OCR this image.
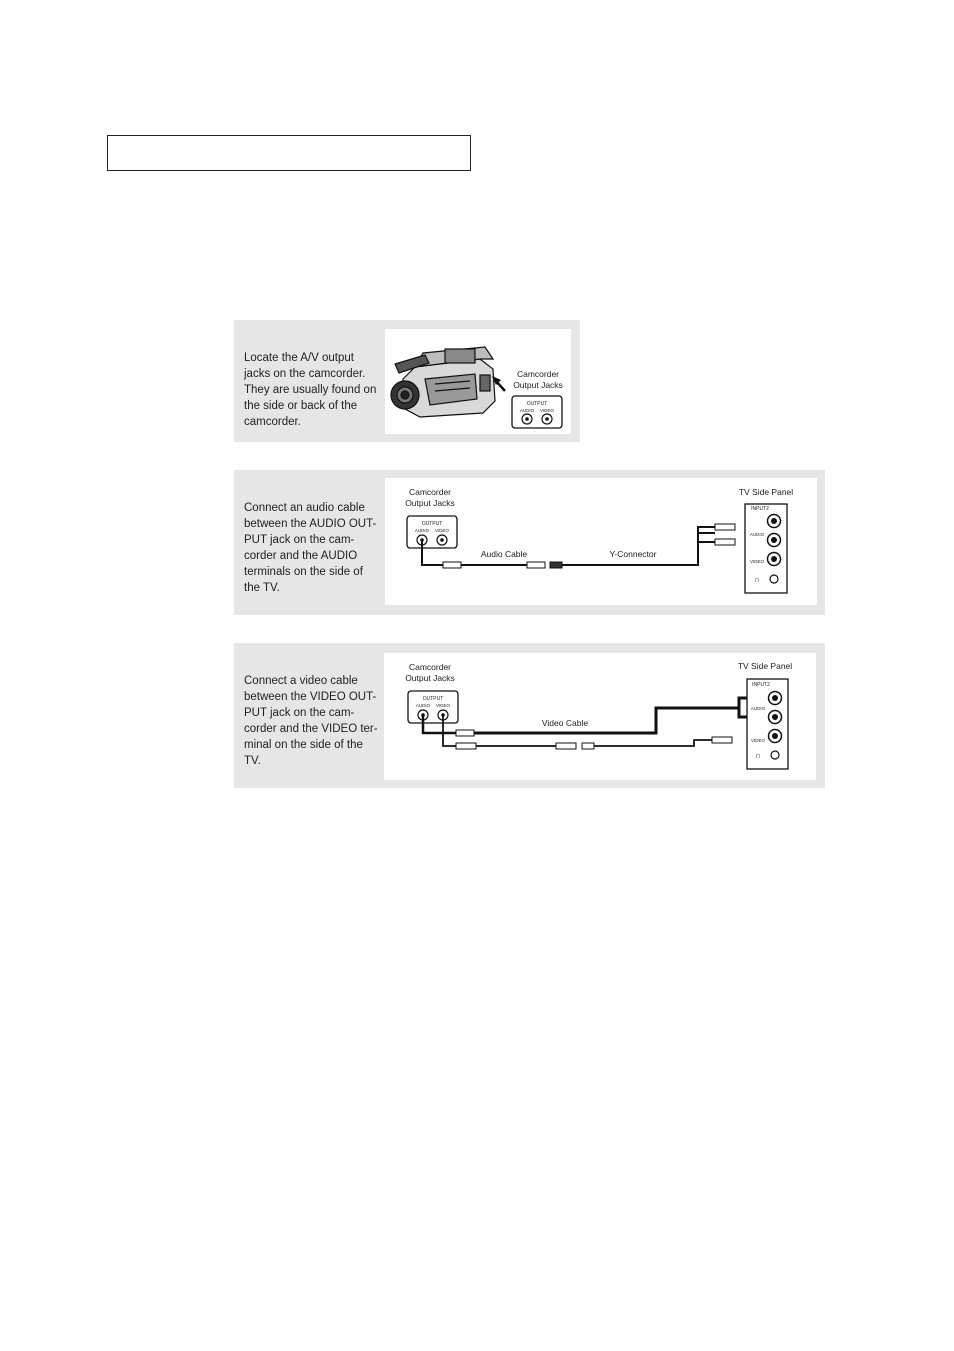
Locate the A/V output jacks on the camcorder. They are usually found on the side or back of the camcorder.
Camcorder
Output Jacks
OUTPUT
AUDIO VIDEO
Connect an audio cable between the AUDIO OUT-PUT jack on the cam-corder and the AUDIO terminals on the side of the TV.
Camcorder
Output Jacks
OUTPUT
AUDIO VIDEO
Audio Cable	Y-Connector
TV Side Panel
INPUT2
AUDIO
VIDEO
∩
Connect a video cable between the VIDEO OUT-PUT jack on the cam-corder and the VIDEO ter-minal on the side of the TV.
Camcorder
Output Jacks
OUTPUT
AUDIO VIDEO
Video Cable
TV Side Panel
INPUT2
AUDIO
VIDEO
∩
